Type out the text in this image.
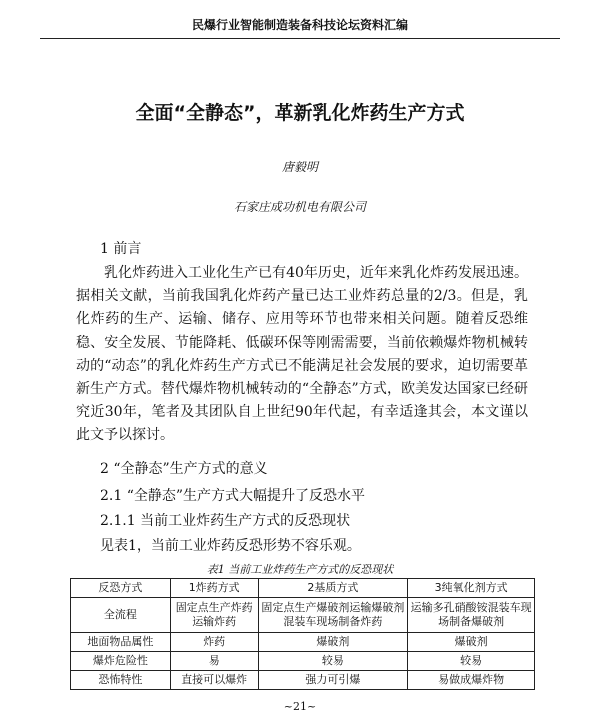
民爆行业智能制造装备科技论坛资料汇编
全面“全静态”，革新乳化炸药生产方式
唐毅明
石家庄成功机电有限公司
1 前言

乳化炸药进入工业化生产已有40年历史，近年来乳化炸药发展迅速。据相关文献，当前我国乳化炸药产量已达工业炸药总量的2/3。但是，乳化炸药的生产、运输、储存、应用等环节也带来相关问题。随着反恐维稳、安全发展、节能降耗、低碳环保等刚需需要，当前依赖爆炸物机械转动的“动态”的乳化炸药生产方式已不能满足社会发展的要求，迫切需要革新生产方式。替代爆炸物机械转动的“全静态”方式，欧美发达国家已经研究近30年，笔者及其团队自上世纪90年代起，有幸适逢其会，本文谨以此文予以探讨。

2 “全静态”生产方式的意义
2.1 “全静态”生产方式大幅提升了反恐水平
2.1.1 当前工业炸药生产方式的反恐现状
见表1，当前工业炸药反恐形势不容乐观。
表1 当前工业炸药生产方式的反恐现状
反恐方式	1炸药方式	2基质方式	3纯氧化剂方式
全流程	固定点生产炸药运输炸药	固定点生产爆破剂运输爆破剂混装车现场制备炸药	运输多孔硝酸铵混装车现场制备爆破剂
地面物品属性	炸药	爆破剂	爆破剂
爆炸危险性	易	较易	较易
恐怖特性	直接可以爆炸	强力可引爆	易做成爆炸物
~21~
